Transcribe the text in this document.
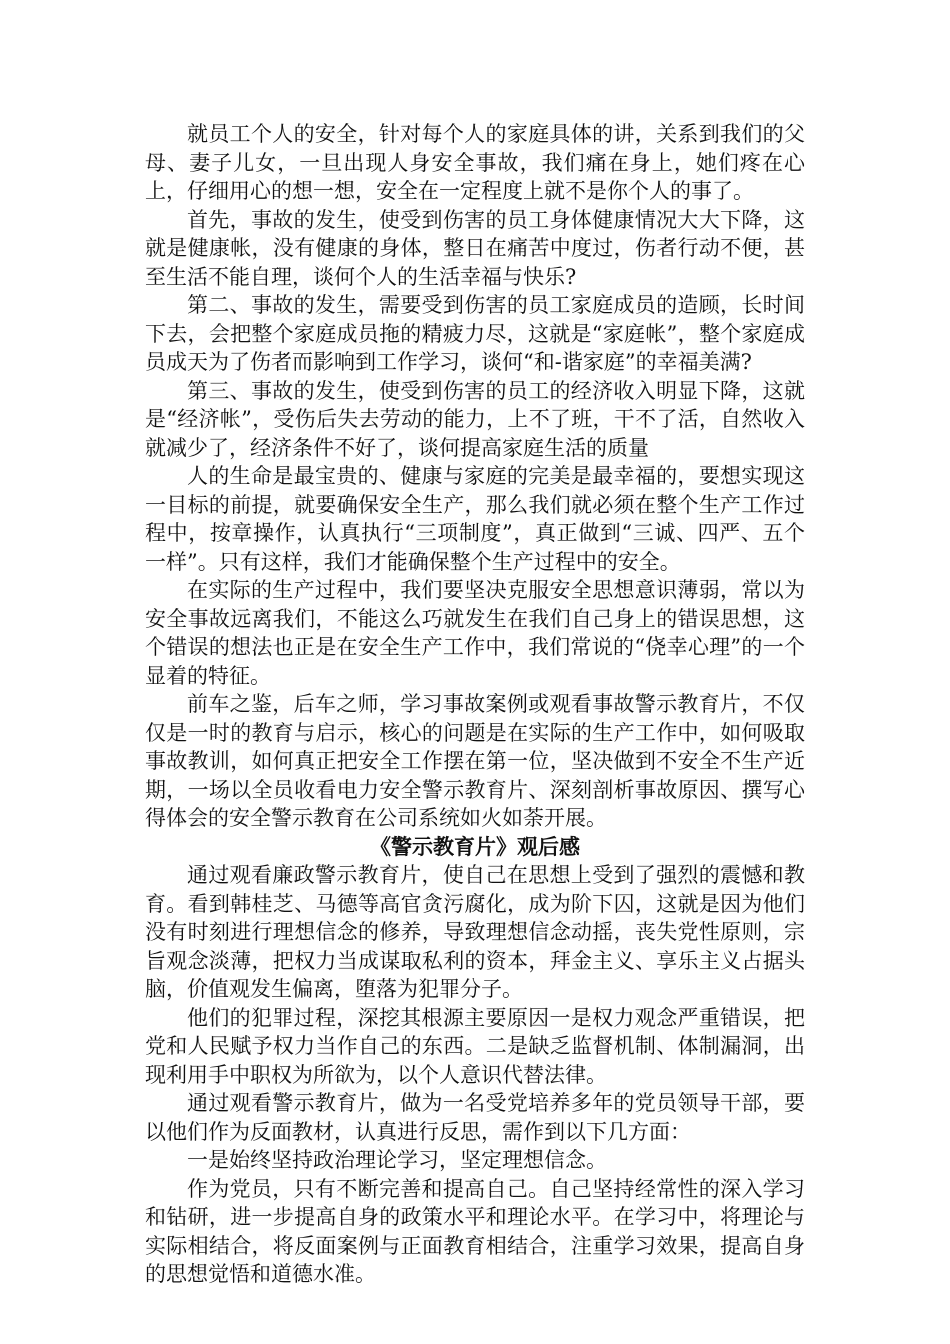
就员工个人的安全，针对每个人的家庭具体的讲，关系到我们的父母、妻子儿女，一旦出现人身安全事故，我们痛在身上，她们疼在心上，仔细用心的想一想，安全在一定程度上就不是你个人的事了。

首先，事故的发生，使受到伤害的员工身体健康情况大大下降，这就是健康帐，没有健康的身体，整日在痛苦中度过，伤者行动不便，甚至生活不能自理，谈何个人的生活幸福与快乐?

第二、事故的发生，需要受到伤害的员工家庭成员的造顾，长时间下去，会把整个家庭成员拖的精疲力尽，这就是“家庭帐”，整个家庭成员成天为了伤者而影响到工作学习，谈何“和-谐家庭”的幸福美满?

第三、事故的发生，使受到伤害的员工的经济收入明显下降，这就是“经济帐”，受伤后失去劳动的能力，上不了班，干不了活，自然收入就减少了，经济条件不好了，谈何提高家庭生活的质量

人的生命是最宝贵的、健康与家庭的完美是最幸福的，要想实现这一目标的前提，就要确保安全生产，那么我们就必须在整个生产工作过程中，按章操作，认真执行“三项制度”，真正做到“三诚、四严、五个一样”。只有这样，我们才能确保整个生产过程中的安全。

在实际的生产过程中，我们要坚决克服安全思想意识薄弱，常以为安全事故远离我们，不能这么巧就发生在我们自己身上的错误思想，这个错误的想法也正是在安全生产工作中，我们常说的“侥幸心理”的一个显着的特征。

前车之鉴，后车之师，学习事故案例或观看事故警示教育片，不仅仅是一时的教育与启示，核心的问题是在实际的生产工作中，如何吸取事故教训，如何真正把安全工作摆在第一位，坚决做到不安全不生产近期，一场以全员收看电力安全警示教育片、深刻剖析事故原因、撰写心得体会的安全警示教育在公司系统如火如荼开展。

《警示教育片》观后感

通过观看廉政警示教育片，使自己在思想上受到了强烈的震憾和教育。看到韩桂芝、马德等高官贪污腐化，成为阶下囚，这就是因为他们没有时刻进行理想信念的修养，导致理想信念动摇，丧失党性原则，宗旨观念淡薄，把权力当成谋取私利的资本，拜金主义、享乐主义占据头脑，价值观发生偏离，堕落为犯罪分子。

他们的犯罪过程，深挖其根源主要原因一是权力观念严重错误，把党和人民赋予权力当作自己的东西。二是缺乏监督机制、体制漏洞，出现利用手中职权为所欲为，以个人意识代替法律。

通过观看警示教育片，做为一名受党培养多年的党员领导干部，要以他们作为反面教材，认真进行反思，需作到以下几方面：

一是始终坚持政治理论学习，坚定理想信念。

作为党员，只有不断完善和提高自己。自己坚持经常性的深入学习和钻研，进一步提高自身的政策水平和理论水平。在学习中，将理论与实际相结合，将反面案例与正面教育相结合，注重学习效果，提高自身的思想觉悟和道德水准。
